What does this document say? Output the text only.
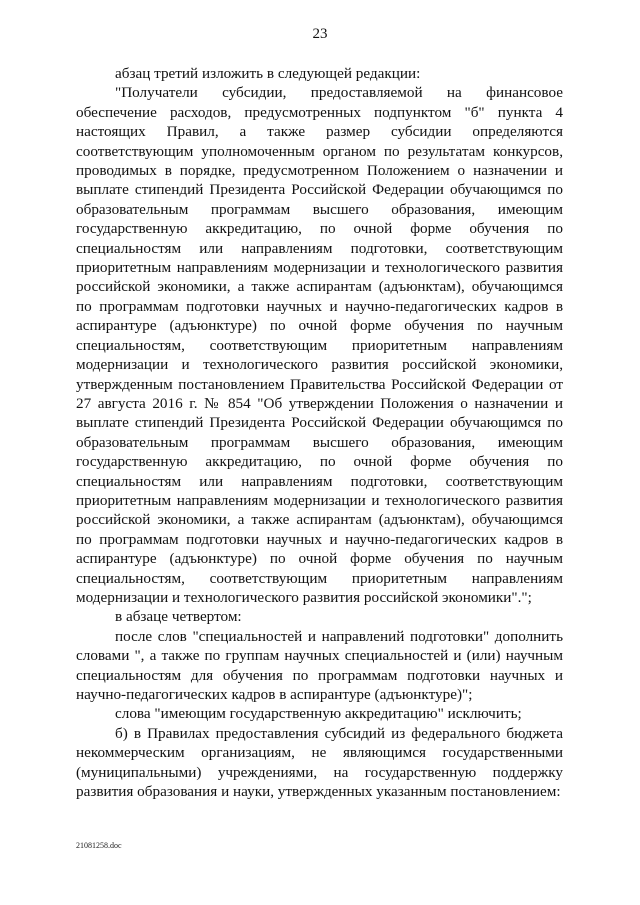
23

абзац третий изложить в следующей редакции:

"Получатели субсидии, предоставляемой на финансовое обеспечение расходов, предусмотренных подпунктом "б" пункта 4 настоящих Правил, а также размер субсидии определяются соответствующим уполномоченным органом по результатам конкурсов, проводимых в порядке, предусмотренном Положением о назначении и выплате стипендий Президента Российской Федерации обучающимся по образовательным программам высшего образования, имеющим государственную аккредитацию, по очной форме обучения по специальностям или направлениям подготовки, соответствующим приоритетным направлениям модернизации и технологического развития российской экономики, а также аспирантам (адъюнктам), обучающимся по программам подготовки научных и научно-педагогических кадров в аспирантуре (адъюнктуре) по очной форме обучения по научным специальностям, соответствующим приоритетным направлениям модернизации и технологического развития российской экономики, утвержденным постановлением Правительства Российской Федерации от 27 августа 2016 г. № 854 "Об утверждении Положения о назначении и выплате стипендий Президента Российской Федерации обучающимся по образовательным программам высшего образования, имеющим государственную аккредитацию, по очной форме обучения по специальностям или направлениям подготовки, соответствующим приоритетным направлениям модернизации и технологического развития российской экономики, а также аспирантам (адъюнктам), обучающимся по программам подготовки научных и научно-педагогических кадров в аспирантуре (адъюнктуре) по очной форме обучения по научным специальностям, соответствующим приоритетным направлениям модернизации и технологического развития российской экономики".";

в абзаце четвертом:

после слов "специальностей и направлений подготовки" дополнить словами ", а также по группам научных специальностей и (или) научным специальностям для обучения по программам подготовки научных и научно-педагогических кадров в аспирантуре (адъюнктуре)";

слова "имеющим государственную аккредитацию" исключить;

б) в Правилах предоставления субсидий из федерального бюджета некоммерческим организациям, не являющимся государственными (муниципальными) учреждениями, на государственную поддержку развития образования и науки, утвержденных указанным постановлением:

21081258.doc
